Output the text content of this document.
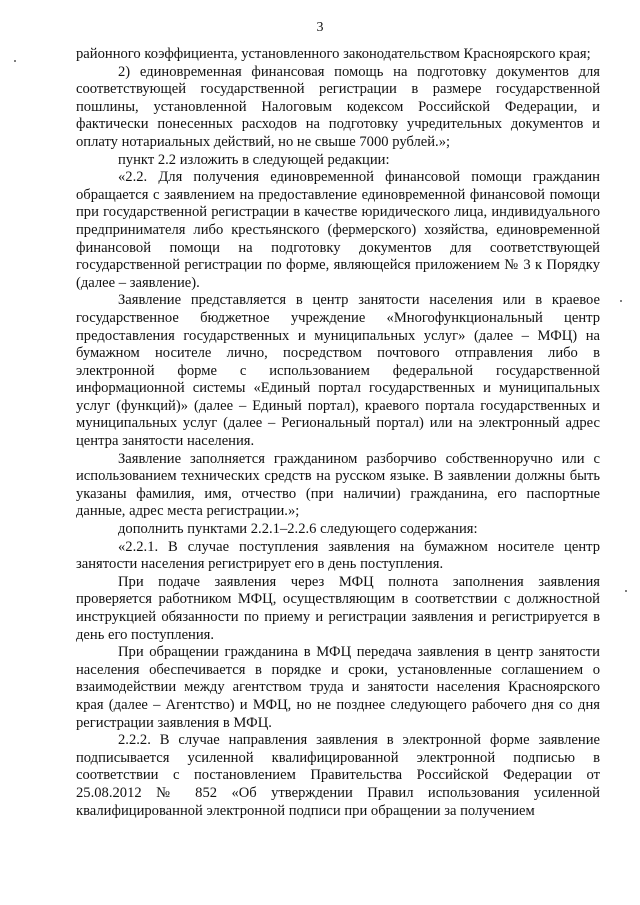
3

районного коэффициента, установленного законодательством Красноярского края;

2) единовременная финансовая помощь на подготовку документов для соответствующей государственной регистрации в размере государственной пошлины, установленной Налоговым кодексом Российской Федерации, и фактически понесенных расходов на подготовку учредительных документов и оплату нотариальных действий, но не свыше 7000 рублей.»;

пункт 2.2 изложить в следующей редакции:

«2.2. Для получения единовременной финансовой помощи гражданин обращается с заявлением на предоставление единовременной финансовой помощи при государственной регистрации в качестве юридического лица, индивидуального предпринимателя либо крестьянского (фермерского) хозяйства, единовременной финансовой помощи на подготовку документов для соответствующей государственной регистрации по форме, являющейся приложением № 3 к Порядку (далее – заявление).

Заявление представляется в центр занятости населения или в краевое государственное бюджетное учреждение «Многофункциональный центр предоставления государственных и муниципальных услуг» (далее – МФЦ) на бумажном носителе лично, посредством почтового отправления либо в электронной форме с использованием федеральной государственной информационной системы «Единый портал государственных и муниципальных услуг (функций)» (далее – Единый портал), краевого портала государственных и муниципальных услуг (далее – Региональный портал) или на электронный адрес центра занятости населения.

Заявление заполняется гражданином разборчиво собственноручно или с использованием технических средств на русском языке. В заявлении должны быть указаны фамилия, имя, отчество (при наличии) гражданина, его паспортные данные, адрес места регистрации.»;

дополнить пунктами 2.2.1–2.2.6 следующего содержания:

«2.2.1. В случае поступления заявления на бумажном носителе центр занятости населения регистрирует его в день поступления.

При подаче заявления через МФЦ полнота заполнения заявления проверяется работником МФЦ, осуществляющим в соответствии с должностной инструкцией обязанности по приему и регистрации заявления и регистрируется в день его поступления.

При обращении гражданина в МФЦ передача заявления в центр занятости населения обеспечивается в порядке и сроки, установленные соглашением о взаимодействии между агентством труда и занятости населения Красноярского края (далее – Агентство) и МФЦ, но не позднее следующего рабочего дня со дня регистрации заявления в МФЦ.

2.2.2. В случае направления заявления в электронной форме заявление подписывается усиленной квалифицированной электронной подписью в соответствии с постановлением Правительства Российской Федерации от 25.08.2012 № 852 «Об утверждении Правил использования усиленной квалифицированной электронной подписи при обращении за получением
